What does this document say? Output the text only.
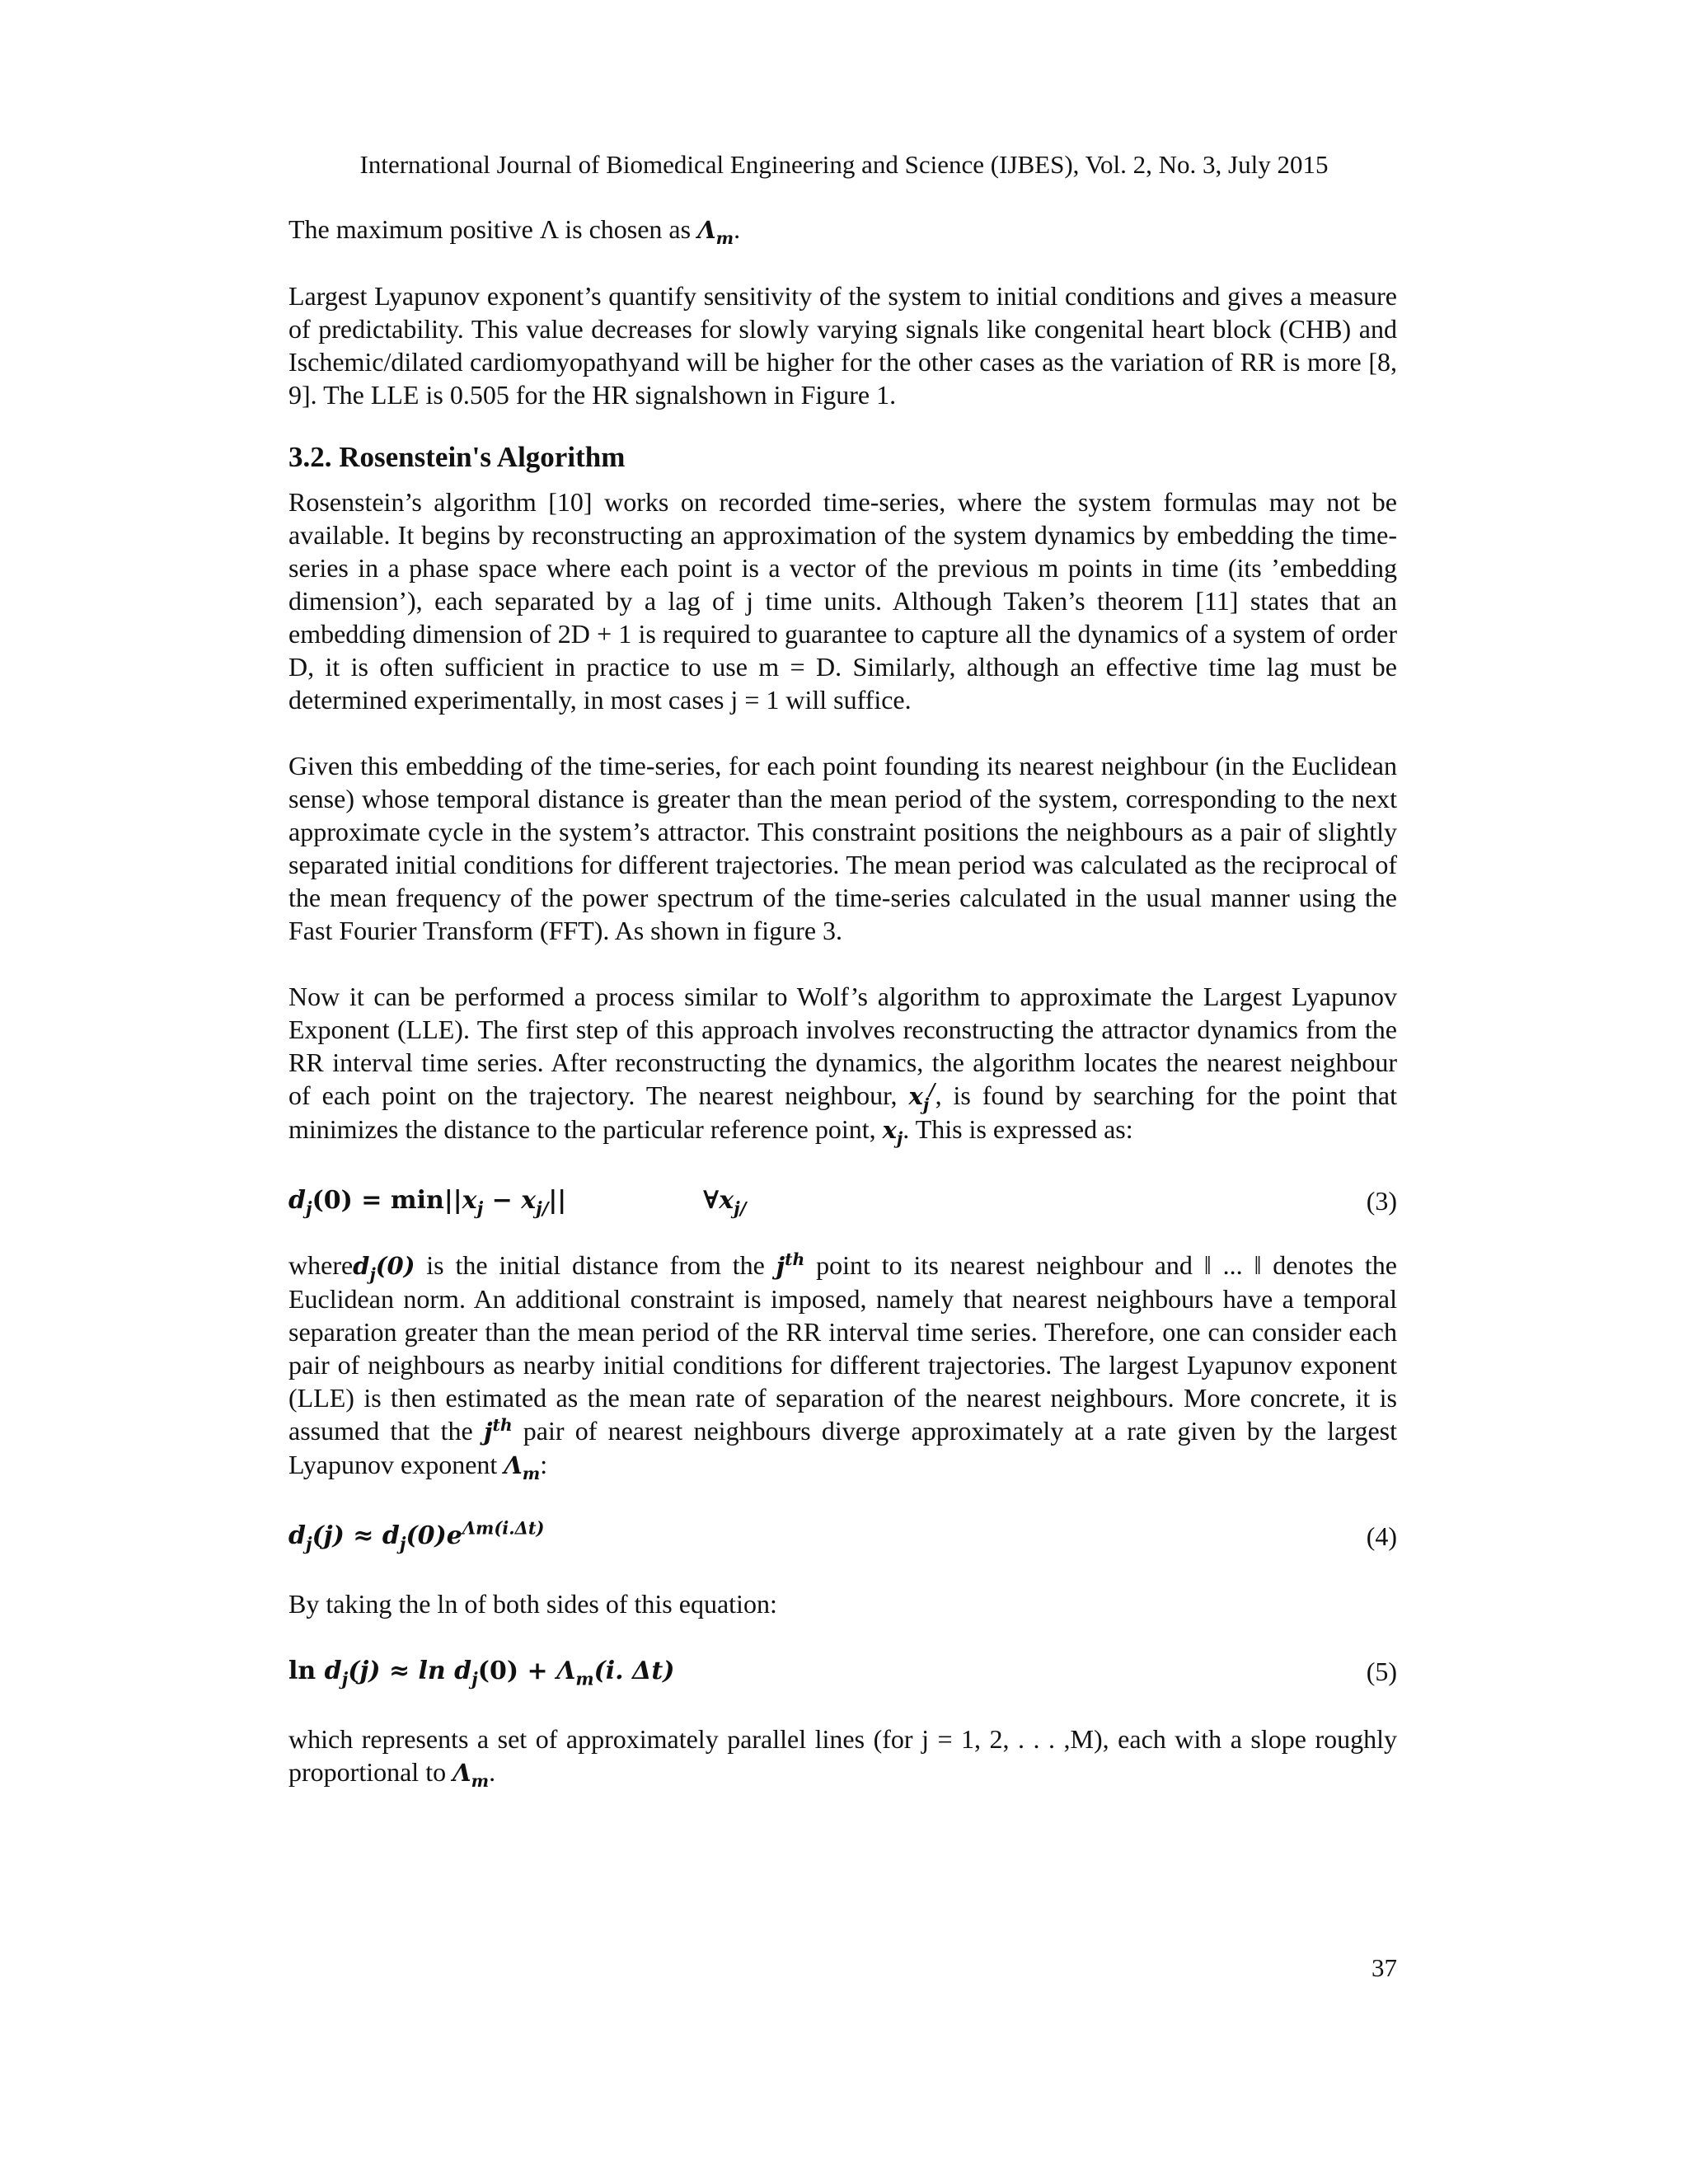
International Journal of Biomedical Engineering and Science (IJBES), Vol. 2, No. 3, July 2015

The maximum positive Λ is chosen as $\Lambda_m$.

Largest Lyapunov exponent’s quantify sensitivity of the system to initial conditions and gives a measure of predictability. This value decreases for slowly varying signals like congenital heart block (CHB) and Ischemic/dilated cardiomyopathyand will be higher for the other cases as the variation of RR is more [8, 9]. The LLE is 0.505 for the HR signalshown in Figure 1.

3.2. Rosenstein's Algorithm

Rosenstein’s algorithm [10] works on recorded time-series, where the system formulas may not be available. It begins by reconstructing an approximation of the system dynamics by embedding the time-series in a phase space where each point is a vector of the previous m points in time (its ’embedding dimension’), each separated by a lag of j time units. Although Taken’s theorem [11] states that an embedding dimension of 2D + 1 is required to guarantee to capture all the dynamics of a system of order D, it is often sufficient in practice to use m = D. Similarly, although an effective time lag must be determined experimentally, in most cases j = 1 will suffice.

Given this embedding of the time-series, for each point founding its nearest neighbour (in the Euclidean sense) whose temporal distance is greater than the mean period of the system, corresponding to the next approximate cycle in the system’s attractor. This constraint positions the neighbours as a pair of slightly separated initial conditions for different trajectories. The mean period was calculated as the reciprocal of the mean frequency of the power spectrum of the time-series calculated in the usual manner using the Fast Fourier Transform (FFT). As shown in figure 3.

Now it can be performed a process similar to Wolf’s algorithm to approximate the Largest Lyapunov Exponent (LLE). The first step of this approach involves reconstructing the attractor dynamics from the RR interval time series. After reconstructing the dynamics, the algorithm locates the nearest neighbour of each point on the trajectory. The nearest neighbour, $x_j^/$, is found by searching for the point that minimizes the distance to the particular reference point, $x_j$. This is expressed as:

$d_j(0) = \min||x_j - x_{j/}||$	$\forall x_{j/}$	(3)

whered$_j$(0) is the initial distance from the $j^{th}$ point to its nearest neighbour and ǁ ... ǁ denotes the Euclidean norm. An additional constraint is imposed, namely that nearest neighbours have a temporal separation greater than the mean period of the RR interval time series. Therefore, one can consider each pair of neighbours as nearby initial conditions for different trajectories. The largest Lyapunov exponent (LLE) is then estimated as the mean rate of separation of the nearest neighbours. More concrete, it is assumed that the $j^{th}$ pair of nearest neighbours diverge approximately at a rate given by the largest Lyapunov exponent $\Lambda_m$:

$d_j(j) \approx d_j(0)e^{\Lambda m(i.\Delta t)}$	(4)

By taking the ln of both sides of this equation:

$\ln d_j(j) \approx \ln d_j(0) + \Lambda_m(i$. Δt)	(5)

which represents a set of approximately parallel lines (for j = 1, 2, . . . ,M), each with a slope roughly proportional to $\Lambda_m$.

37
